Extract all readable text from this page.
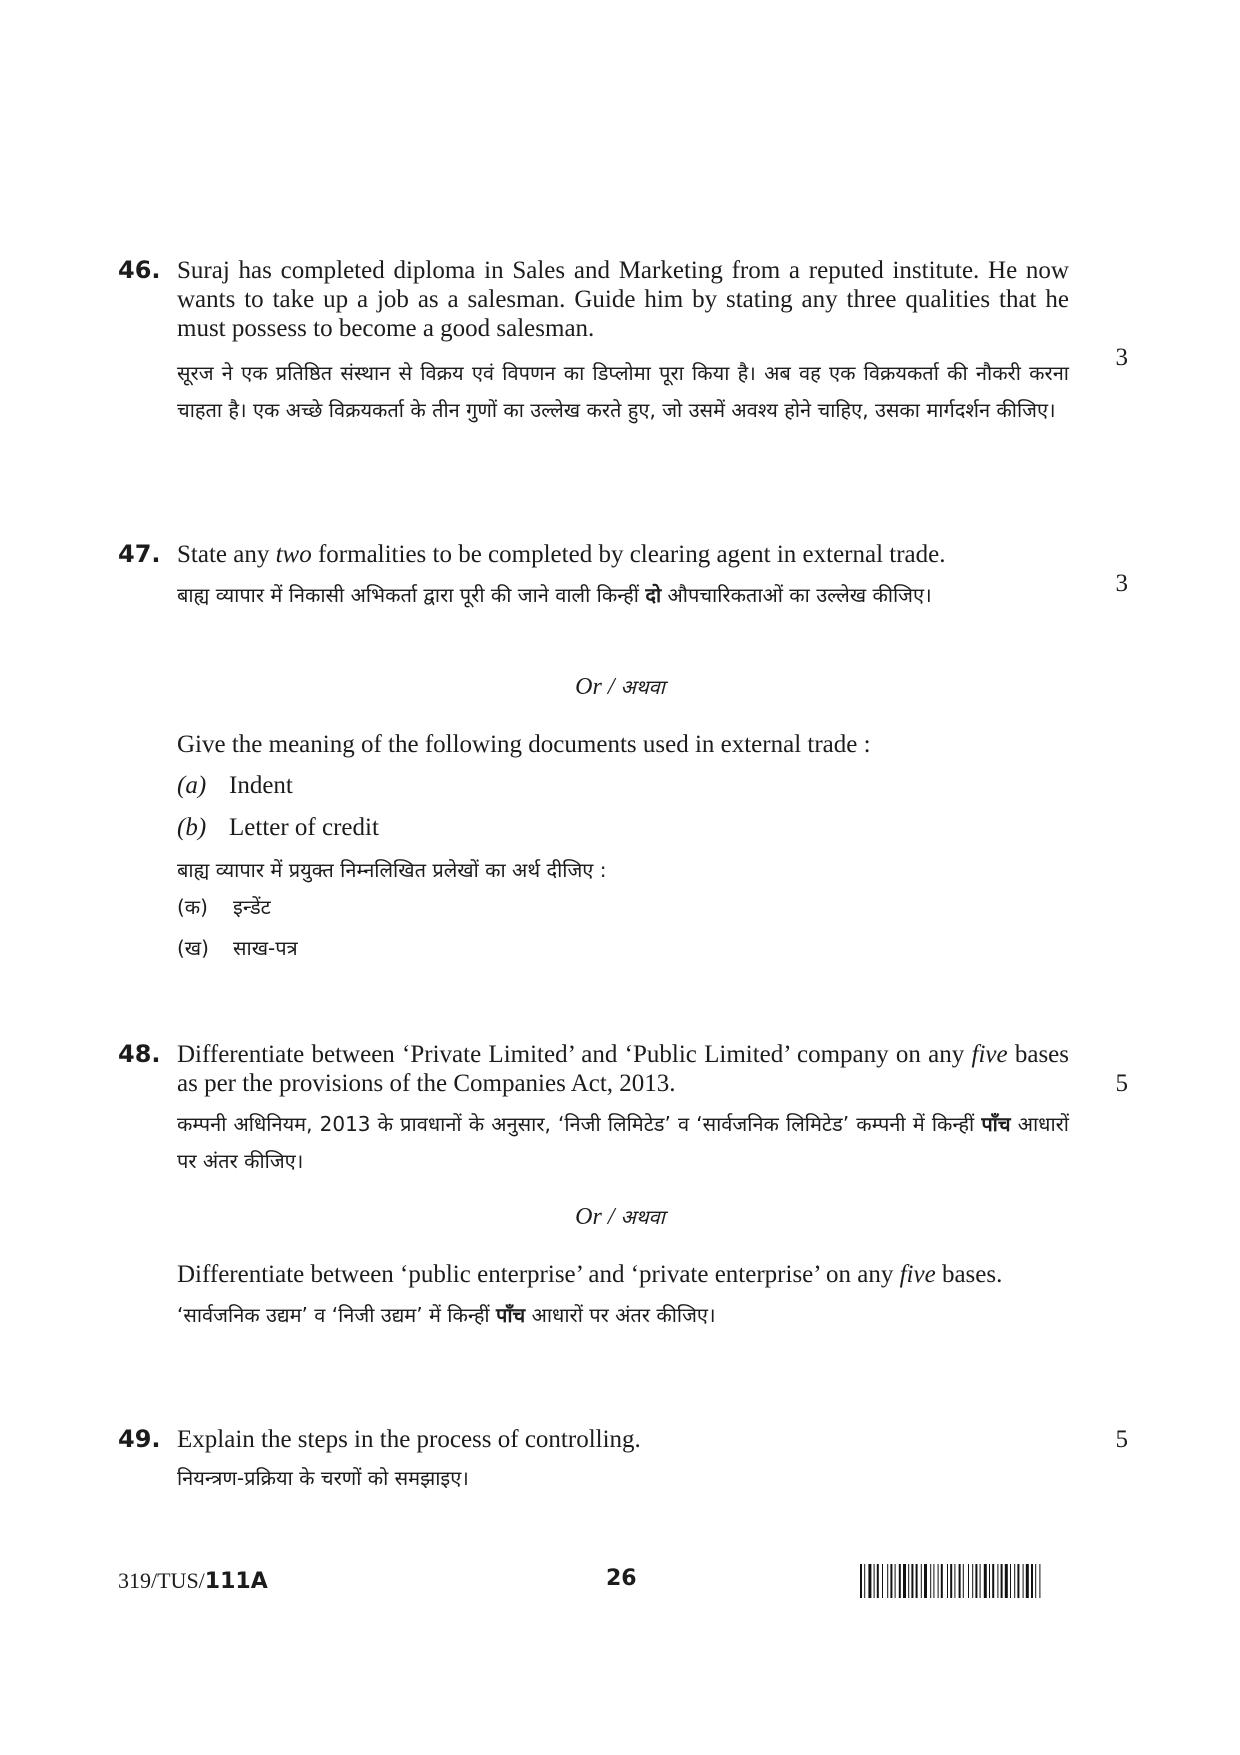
46. Suraj has completed diploma in Sales and Marketing from a reputed institute. He now wants to take up a job as a salesman. Guide him by stating any three qualities that he must possess to become a good salesman.

सूरज ने एक प्रतिष्ठित संस्थान से विक्रय एवं विपणन का डिप्लोमा पूरा किया है। अब वह एक विक्रयकर्ता की नौकरी करना चाहता है। एक अच्छे विक्रयकर्ता के तीन गुणों का उल्लेख करते हुए, जो उसमें अवश्य होने चाहिए, उसका मार्गदर्शन कीजिए।

3
47. State any two formalities to be completed by clearing agent in external trade.

बाह्य व्यापार में निकासी अभिकर्ता द्वारा पूरी की जाने वाली किन्हीं दो औपचारिकताओं का उल्लेख कीजिए।	3
Or / अथवा

Give the meaning of the following documents used in external trade :

(a) Indent

(b) Letter of credit

बाह्य व्यापार में प्रयुक्त निम्नलिखित प्रलेखों का अर्थ दीजिए :

(क) इन्डेंट

(ख) साख-पत्र

48. Differentiate between ‘Private Limited’ and ‘Public Limited’ company on any five bases as per the provisions of the Companies Act, 2013.

कम्पनी अधिनियम, 2013 के प्रावधानों के अनुसार, ‘निजी लिमिटेड’ व ‘सार्वजनिक लिमिटेड’ कम्पनी में किन्हीं पाँच आधारों पर अंतर कीजिए।

5
Or / अथवा

Differentiate between ‘public enterprise’ and ‘private enterprise’ on any five bases.

‘सार्वजनिक उद्यम’ व ‘निजी उद्यम’ में किन्हीं पाँच आधारों पर अंतर कीजिए।

49. Explain the steps in the process of controlling.

नियन्त्रण-प्रक्रिया के चरणों को समझाइए।

5
319/TUS/111A	26
